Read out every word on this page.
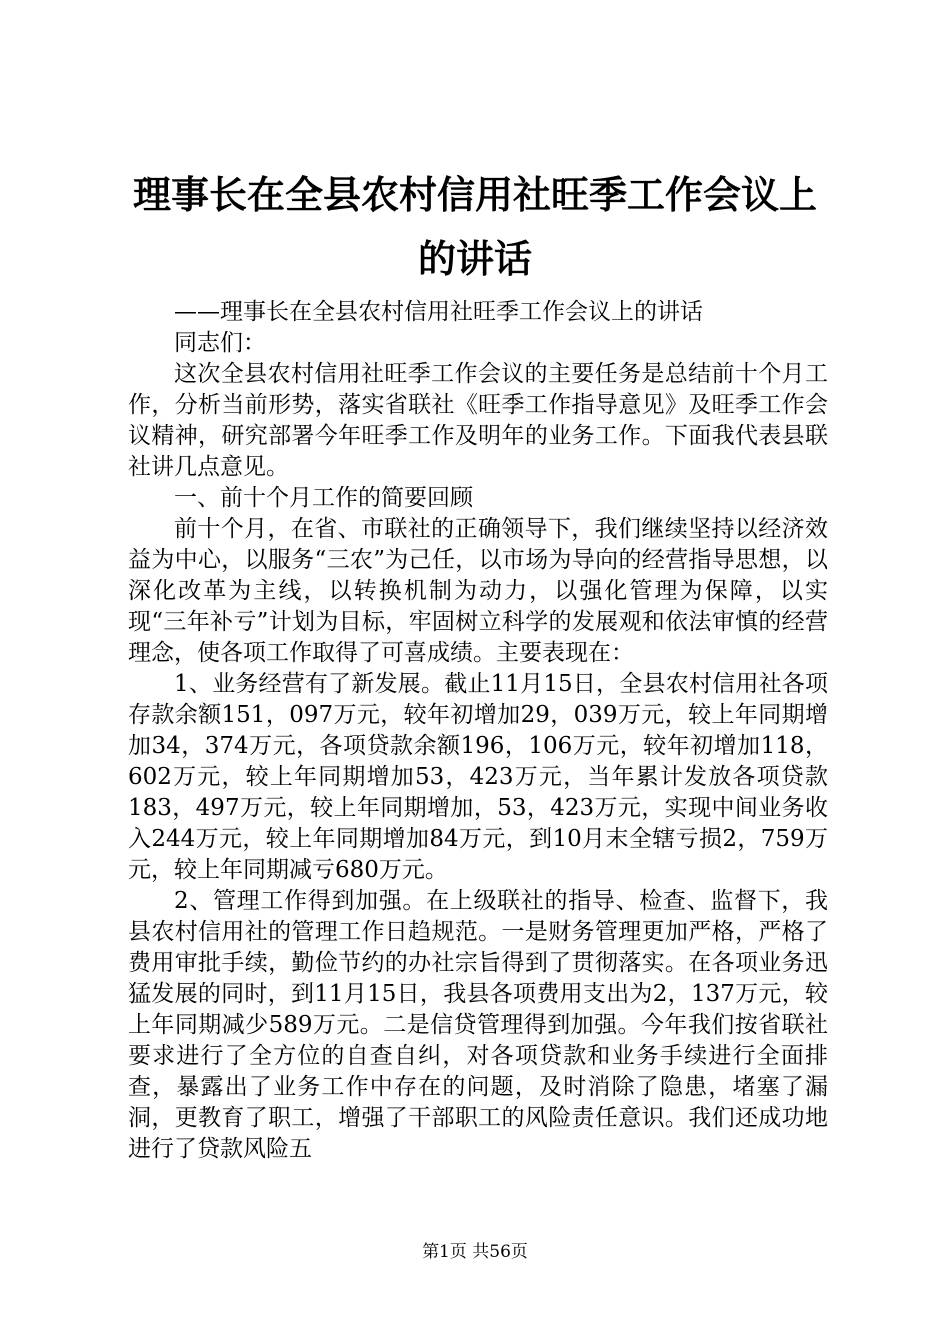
理事长在全县农村信用社旺季工作会议上的讲话

——理事长在全县农村信用社旺季工作会议上的讲话

同志们：

这次全县农村信用社旺季工作会议的主要任务是总结前十个月工作，分析当前形势，落实省联社《旺季工作指导意见》及旺季工作会议精神，研究部署今年旺季工作及明年的业务工作。下面我代表县联社讲几点意见。

一、前十个月工作的简要回顾

前十个月，在省、市联社的正确领导下，我们继续坚持以经济效益为中心，以服务“三农”为己任，以市场为导向的经营指导思想，以深化改革为主线，以转换机制为动力，以强化管理为保障，以实现“三年补亏”计划为目标，牢固树立科学的发展观和依法审慎的经营理念，使各项工作取得了可喜成绩。主要表现在：

1、业务经营有了新发展。截止11月15日，全县农村信用社各项存款余额151，097万元，较年初增加29，039万元，较上年同期增加34，374万元，各项贷款余额196，106万元，较年初增加118，602万元，较上年同期增加53，423万元，当年累计发放各项贷款183，497万元，较上年同期增加，53，423万元，实现中间业务收入244万元，较上年同期增加84万元，到10月末全辖亏损2，759万元，较上年同期减亏680万元。

2、管理工作得到加强。在上级联社的指导、检查、监督下，我县农村信用社的管理工作日趋规范。一是财务管理更加严格，严格了费用审批手续，勤俭节约的办社宗旨得到了贯彻落实。在各项业务迅猛发展的同时，到11月15日，我县各项费用支出为2，137万元，较上年同期减少589万元。二是信贷管理得到加强。今年我们按省联社要求进行了全方位的自查自纠，对各项贷款和业务手续进行全面排查，暴露出了业务工作中存在的问题，及时消除了隐患，堵塞了漏洞，更教育了职工，增强了干部职工的风险责任意识。我们还成功地进行了贷款风险五

第1页 共56页
